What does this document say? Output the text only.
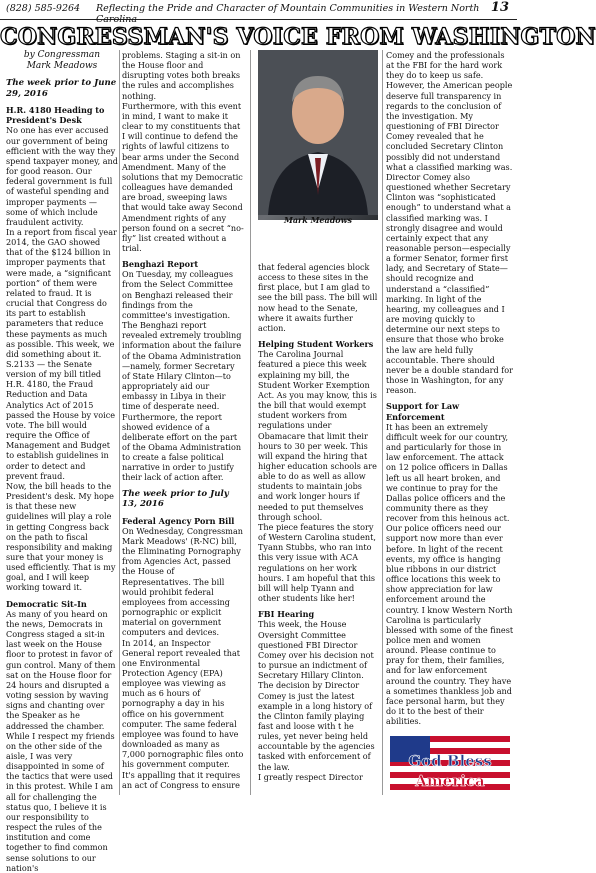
(828) 585-9264 Reflecting the Pride and Character of Mountain Communities in Western North Carolina
13
CONGRESSMAN'S VOICE FROM WASHINGTON
by Congressman
Mark Meadows
The week prior to June 29, 2016
H.R. 4180 Heading to President's Desk
No one has ever accused our government of being efficient with the way they spend taxpayer money, and for good reason. Our federal government is full of wasteful spending and improper payments — some of which include fraudulent activity.
In a report from fiscal year 2014, the GAO showed that of the $124 billion in improper payments that were made, a “significant portion” of them were related to fraud. It is crucial that Congress do its part to establish parameters that reduce these payments as much as possible. This week, we did something about it.
S.2133 — the Senate version of my bill titled H.R. 4180, the Fraud Reduction and Data Analytics Act of 2015 passed the House by voice vote. The bill would require the Office of Management and Budget to establish guidelines in order to detect and prevent fraud.
Now, the bill heads to the President's desk. My hope is that these new guidelines will play a role in getting Congress back on the path to fiscal responsibility and making sure that your money is used efficiently. That is my goal, and I will keep working toward it.
Democratic Sit-In
As many of you heard on the news, Democrats in Congress staged a sit-in last week on the House floor to protest in favor of gun control. Many of them sat on the House floor for 24 hours and disrupted a voting session by waving signs and chanting over the Speaker as he addressed the chamber.
While I respect my friends on the other side of the aisle, I was very disappointed in some of the tactics that were used in this protest. While I am all for challenging the status quo, I believe it is our responsibility to respect the rules of the institution and come together to find common sense solutions to our nation's
problems. Staging a sit-in on the House floor and disrupting votes both breaks the rules and accomplishes nothing.
Furthermore, with this event in mind, I want to make it clear to my constituents that I will continue to defend the rights of lawful citizens to bear arms under the Second Amendment. Many of the solutions that my Democratic colleagues have demanded are broad, sweeping laws that would take away Second Amendment rights of any person found on a secret “no-fly” list created without a trial.
Benghazi Report
On Tuesday, my colleagues from the Select Committee on Benghazi released their findings from the committee's investigation. The Benghazi report revealed extremely troubling information about the failure of the Obama Administration—namely, former Secretary of State Hilary Clinton—to appropriately aid our embassy in Libya in their time of desperate need.
Furthermore, the report showed evidence of a deliberate effort on the part of the Obama Administration to create a false political narrative in order to justify their lack of action after.
The week prior to July 13, 2016
Federal Agency Porn Bill
On Wednesday, Congressman Mark Meadows' (R-NC) bill, the Eliminating Pornography from Agencies Act, passed the House of Representatives. The bill would prohibit federal employees from accessing pornographic or explicit material on government computers and devices.
In 2014, an Inspector General report revealed that one Environmental Protection Agency (EPA) employee was viewing as much as 6 hours of pornography a day in his office on his government computer. The same federal employee was found to have downloaded as many as 7,000 pornographic files onto his government computer. It's appalling that it requires an act of Congress to ensure
Mark Meadows
that federal agencies block access to these sites in the first place, but I am glad to see the bill pass. The bill will now head to the Senate, where it awaits further action.
Helping Student Workers
The Carolina Journal featured a piece this week explaining my bill, the Student Worker Exemption Act. As you may know, this is the bill that would exempt student workers from regulations under Obamacare that limit their hours to 30 per week. This will expand the hiring that higher education schools are able to do as well as allow students to maintain jobs and work longer hours if needed to put themselves through school.
The piece features the story of Western Carolina student, Tyann Stubbs, who ran into this very issue with ACA regulations on her work hours. I am hopeful that this bill will help Tyann and other students like her!
FBI Hearing
This week, the House Oversight Committee questioned FBI Director Comey over his decision not to pursue an indictment of Secretary Hillary Clinton. The decision by Director Comey is just the latest example in a long history of the Clinton family playing fast and loose with t he rules, yet never being held accountable by the agencies tasked with enforcement of the law.
I greatly respect Director
Comey and the professionals at the FBI for the hard work they do to keep us safe. However, the American people deserve full transparency in regards to the conclusion of the investigation. My questioning of FBI Director Comey revealed that he concluded Secretary Clinton possibly did not understand what a classified marking was.
Director Comey also questioned whether Secretary Clinton was “sophisticated enough” to understand what a classified marking was. I strongly disagree and would certainly expect that any reasonable person—especially a former Senator, former first lady, and Secretary of State— should recognize and understand a “classified” marking. In light of the hearing, my colleagues and I are moving quickly to determine our next steps to ensure that those who broke the law are held fully accountable. There should never be a double standard for those in Washington, for any reason.
Support for Law Enforcement
It has been an extremely difficult week for our country, and particularly for those in law enforcement. The attack on 12 police officers in Dallas left us all heart broken, and we continue to pray for the Dallas police officers and the community there as they recover from this heinous act.
Our police officers need our support now more than ever before. In light of the recent events, my office is hanging blue ribbons in our district office locations this week to show appreciation for law enforcement around the country. I know Western North Carolina is particularly blessed with some of the finest police men and women around. Please continue to pray for them, their families, and for law enforcement around the country. They have a sometimes thankless job and face personal harm, but they do it to the best of their abilities.
God Bless
America
